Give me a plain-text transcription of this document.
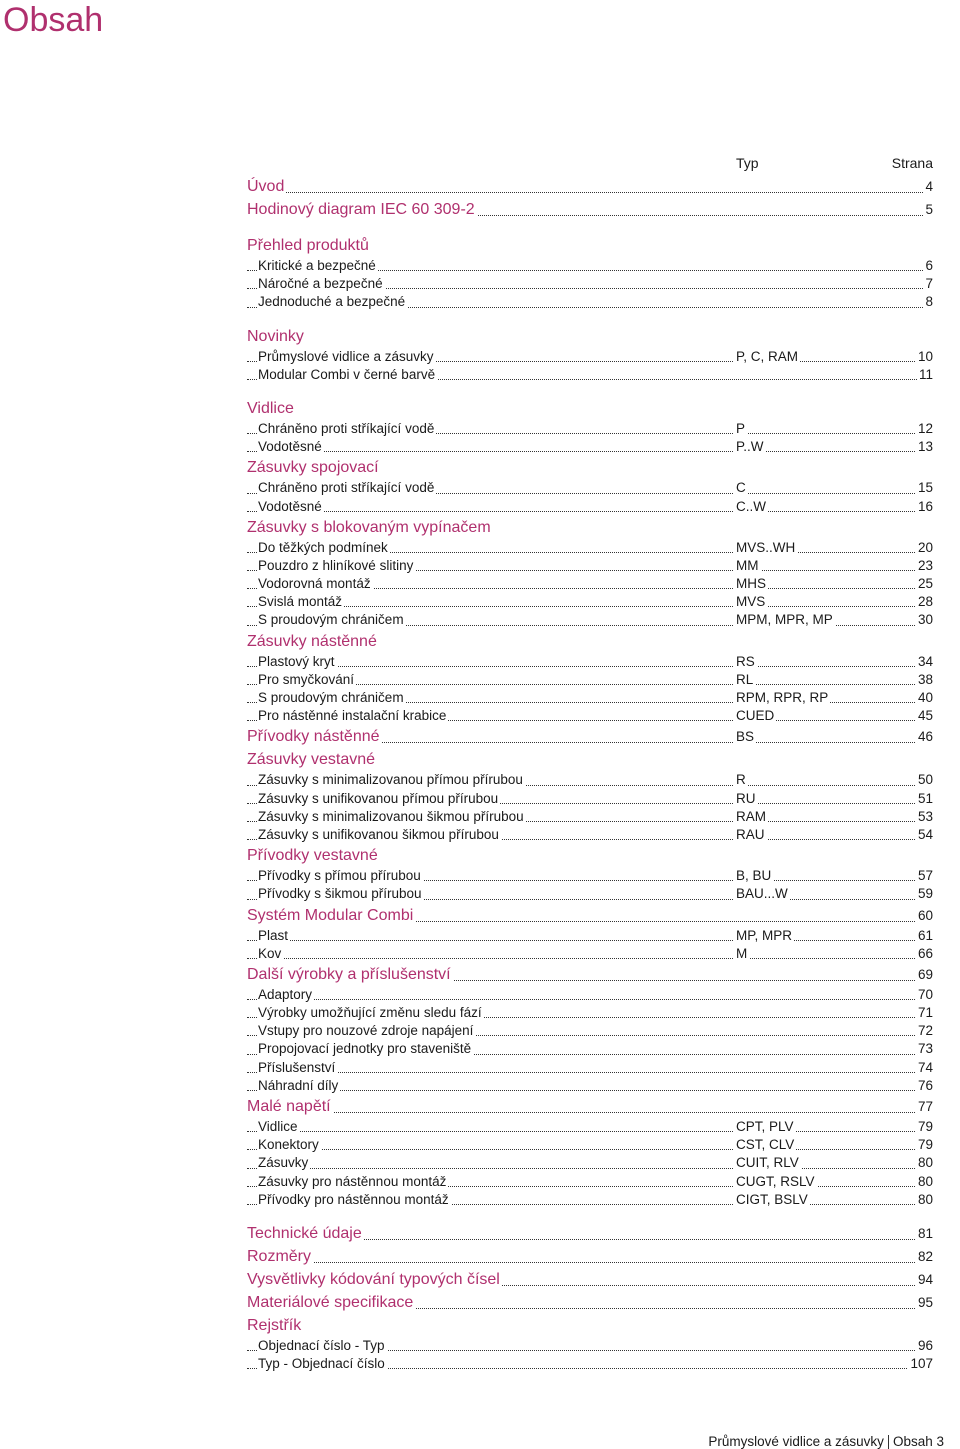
Obsah
Typ	Strana
Úvod	4
Hodinový diagram IEC 60 309-2	5
Přehled produktů
Kritické a bezpečné	6
Náročné a bezpečné	7
Jednoduché a bezpečné	8
Novinky
Průmyslové vidlice a zásuvky	P, C, RAM	10
Modular Combi v černé barvě	11
Vidlice
Chráněno proti stříkající vodě	P	12
Vodotěsné	P..W	13
Zásuvky spojovací
Chráněno proti stříkající vodě	C	15
Vodotěsné	C..W	16
Zásuvky s blokovaným vypínačem
Do těžkých podmínek	MVS..WH	20
Pouzdro z hliníkové slitiny	MM	23
Vodorovná montáž	MHS	25
Svislá montáž	MVS	28
S proudovým chráničem	MPM, MPR, MP	30
Zásuvky nástěnné
Plastový kryt	RS	34
Pro smyčkování	RL	38
S proudovým chráničem	RPM, RPR, RP	40
Pro nástěnné instalační krabice	CUED	45
Přívodky nástěnné	BS	46
Zásuvky vestavné
Zásuvky s minimalizovanou přímou přírubou	R	50
Zásuvky s unifikovanou přímou přírubou	RU	51
Zásuvky s minimalizovanou šikmou přírubou	RAM	53
Zásuvky s unifikovanou šikmou přírubou	RAU	54
Přívodky vestavné
Přívodky s přímou přírubou	B, BU	57
Přívodky s šikmou přírubou	BAU...W	59
Systém Modular Combi	60
Plast	MP, MPR	61
Kov	M	66
Další výrobky a příslušenství	69
Adaptory	70
Výrobky umožňující změnu sledu fází	71
Vstupy pro nouzové zdroje napájení	72
Propojovací jednotky pro staveniště	73
Příslušenství	74
Náhradní díly	76
Malé napětí	77
Vidlice	CPT, PLV	79
Konektory	CST, CLV	79
Zásuvky	CUIT, RLV	80
Zásuvky pro nástěnnou montáž	CUGT, RSLV	80
Přívodky pro nástěnnou montáž	CIGT, BSLV	80
Technické údaje	81
Rozměry	82
Vysvětlivky kódování typových čísel	94
Materiálové specifikace	95
Rejstřík
Objednací číslo - Typ	96
Typ - Objednací číslo	107
Průmyslové vidlice a zásuvky Obsah 3
